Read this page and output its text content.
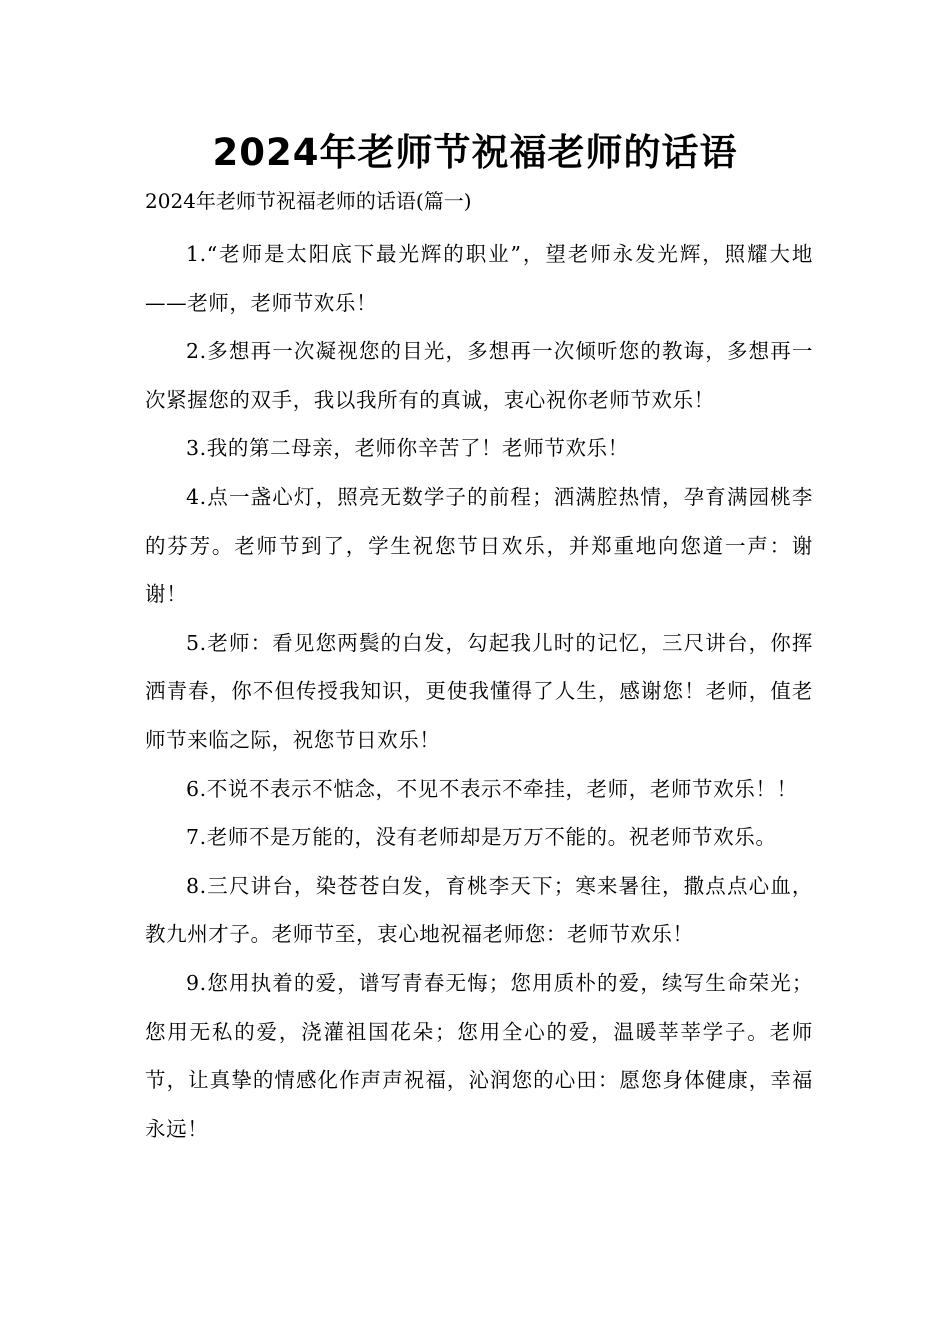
2024年老师节祝福老师的话语

2024年老师节祝福老师的话语(篇一)

1.“老师是太阳底下最光辉的职业”，望老师永发光辉，照耀大地——老师，老师节欢乐！

2.多想再一次凝视您的目光，多想再一次倾听您的教诲，多想再一次紧握您的双手，我以我所有的真诚，衷心祝你老师节欢乐！

3.我的第二母亲，老师你辛苦了！老师节欢乐！

4.点一盏心灯，照亮无数学子的前程；洒满腔热情，孕育满园桃李的芬芳。老师节到了，学生祝您节日欢乐，并郑重地向您道一声：谢谢！

5.老师：看见您两鬓的白发，勾起我儿时的记忆，三尺讲台，你挥洒青春，你不但传授我知识，更使我懂得了人生，感谢您！老师，值老师节来临之际，祝您节日欢乐！

6.不说不表示不惦念，不见不表示不牵挂，老师，老师节欢乐！！

7.老师不是万能的，没有老师却是万万不能的。祝老师节欢乐。

8.三尺讲台，染苍苍白发，育桃李天下；寒来暑往，撒点点心血，教九州才子。老师节至，衷心地祝福老师您：老师节欢乐！

9.您用执着的爱，谱写青春无悔；您用质朴的爱，续写生命荣光；您用无私的爱，浇灌祖国花朵；您用全心的爱，温暖莘莘学子。老师节，让真挚的情感化作声声祝福，沁润您的心田：愿您身体健康，幸福永远！
